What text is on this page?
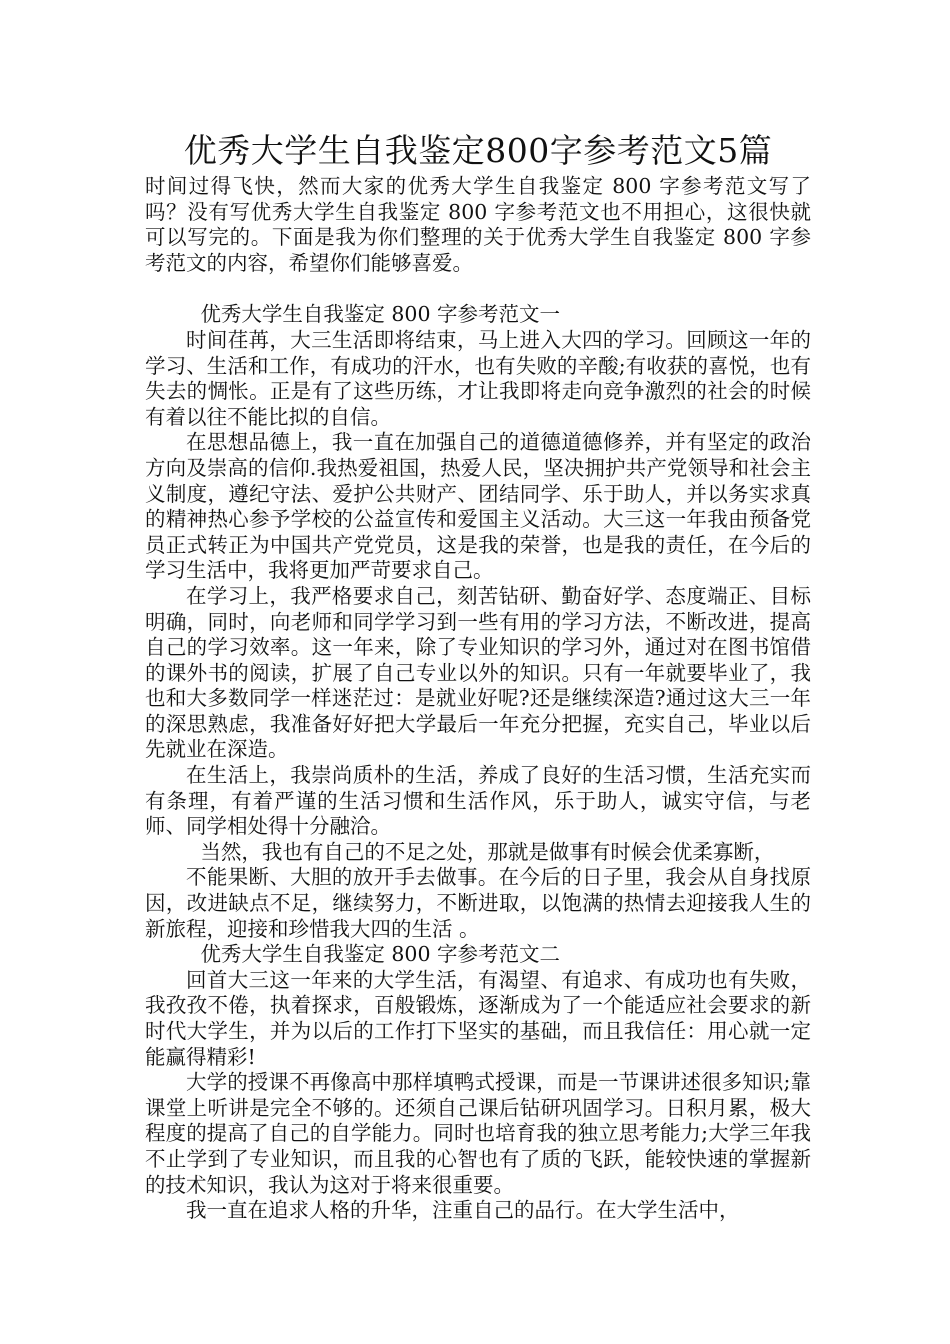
优秀大学生自我鉴定800字参考范文5篇

时间过得飞快，然而大家的优秀大学生自我鉴定 800 字参考范文写了吗？没有写优秀大学生自我鉴定 800 字参考范文也不用担心，这很快就可以写完的。下面是我为你们整理的关于优秀大学生自我鉴定 800 字参考范文的内容，希望你们能够喜爱。

优秀大学生自我鉴定 800 字参考范文一

时间荏苒，大三生活即将结束，马上进入大四的学习。回顾这一年的学习、生活和工作，有成功的汗水，也有失败的辛酸;有收获的喜悦，也有失去的惆怅。正是有了这些历练，才让我即将走向竞争激烈的社会的时候有着以往不能比拟的自信。

在思想品德上，我一直在加强自己的道德道德修养，并有坚定的政治方向及崇高的信仰.我热爱祖国，热爱人民，坚决拥护共产党领导和社会主义制度，遵纪守法、爱护公共财产、团结同学、乐于助人，并以务实求真的精神热心参予学校的公益宣传和爱国主义活动。大三这一年我由预备党员正式转正为中国共产党党员，这是我的荣誉，也是我的责任，在今后的学习生活中，我将更加严苛要求自己。

在学习上，我严格要求自己，刻苦钻研、勤奋好学、态度端正、目标明确，同时，向老师和同学学习到一些有用的学习方法，不断改进，提高自己的学习效率。这一年来，除了专业知识的学习外，通过对在图书馆借的课外书的阅读，扩展了自己专业以外的知识。只有一年就要毕业了，我也和大多数同学一样迷茫过：是就业好呢?还是继续深造?通过这大三一年的深思熟虑，我准备好好把大学最后一年充分把握，充实自己，毕业以后先就业在深造。

在生活上，我崇尚质朴的生活，养成了良好的生活习惯，生活充实而有条理，有着严谨的生活习惯和生活作风，乐于助人，诚实守信，与老师、同学相处得十分融洽。

当然，我也有自己的不足之处，那就是做事有时候会优柔寡断，

不能果断、大胆的放开手去做事。在今后的日子里，我会从自身找原因，改进缺点不足，继续努力，不断进取，以饱满的热情去迎接我人生的新旅程，迎接和珍惜我大四的生活 。

优秀大学生自我鉴定 800 字参考范文二

回首大三这一年来的大学生活，有渴望、有追求、有成功也有失败，我孜孜不倦，执着探求，百般锻炼，逐渐成为了一个能适应社会要求的新时代大学生，并为以后的工作打下坚实的基础，而且我信任：用心就一定能赢得精彩!

大学的授课不再像高中那样填鸭式授课，而是一节课讲述很多知识;靠课堂上听讲是完全不够的。还须自己课后钻研巩固学习。日积月累，极大程度的提高了自己的自学能力。同时也培育我的独立思考能力;大学三年我不止学到了专业知识，而且我的心智也有了质的飞跃，能较快速的掌握新的技术知识，我认为这对于将来很重要。

我一直在追求人格的升华，注重自己的品行。在大学生活中，
